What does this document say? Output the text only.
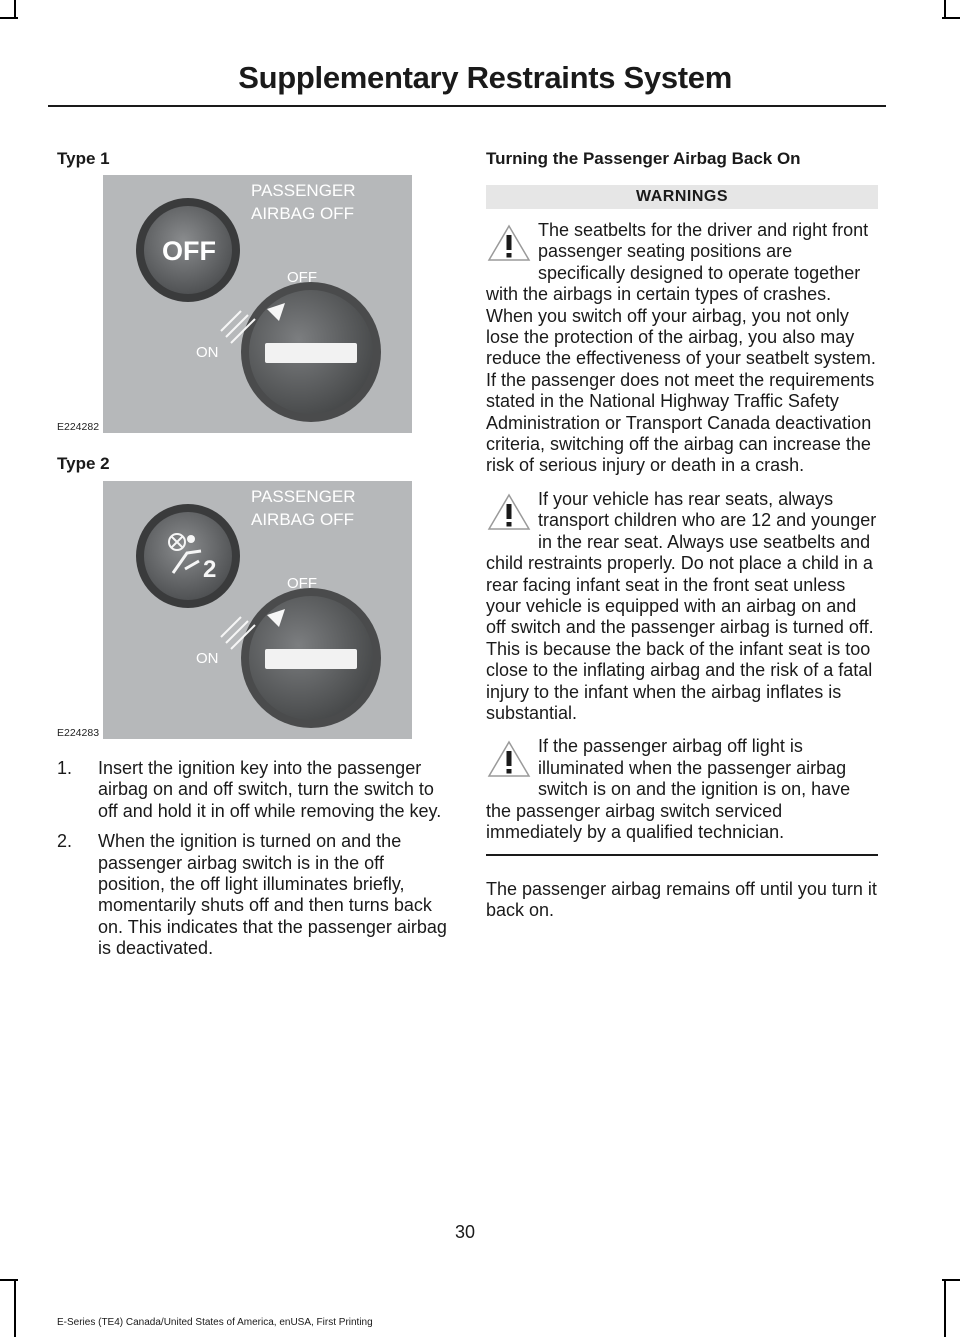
Supplementary Restraints System
Type 1
PASSENGER
AIRBAG OFF
OFF
ON
OFF
E224282
Type 2
2
PASSENGER
AIRBAG OFF
OFF
ON
E224283
1. Insert the ignition key into the passenger airbag on and off switch, turn the switch to off and hold it in off while removing the key.
2. When the ignition is turned on and the passenger airbag switch is in the off position, the off light illuminates briefly, momentarily shuts off and then turns back on. This indicates that the passenger airbag is deactivated.
Turning the Passenger Airbag Back On
WARNINGS
The seatbelts for the driver and right front passenger seating positions are specifically designed to operate together with the airbags in certain types of crashes. When you switch off your airbag, you not only lose the protection of the airbag, you also may reduce the effectiveness of your seatbelt system. If the passenger does not meet the requirements stated in the National Highway Traffic Safety Administration or Transport Canada deactivation criteria, switching off the airbag can increase the risk of serious injury or death in a crash.
If your vehicle has rear seats, always transport children who are 12 and younger in the rear seat. Always use seatbelts and child restraints properly. Do not place a child in a rear facing infant seat in the front seat unless your vehicle is equipped with an airbag on and off switch and the passenger airbag is turned off. This is because the back of the infant seat is too close to the inflating airbag and the risk of a fatal injury to the infant when the airbag inflates is substantial.
If the passenger airbag off light is illuminated when the passenger airbag switch is on and the ignition is on, have the passenger airbag switch serviced immediately by a qualified technician.
The passenger airbag remains off until you turn it back on.
30
E-Series (TE4) Canada/United States of America, enUSA, First Printing
